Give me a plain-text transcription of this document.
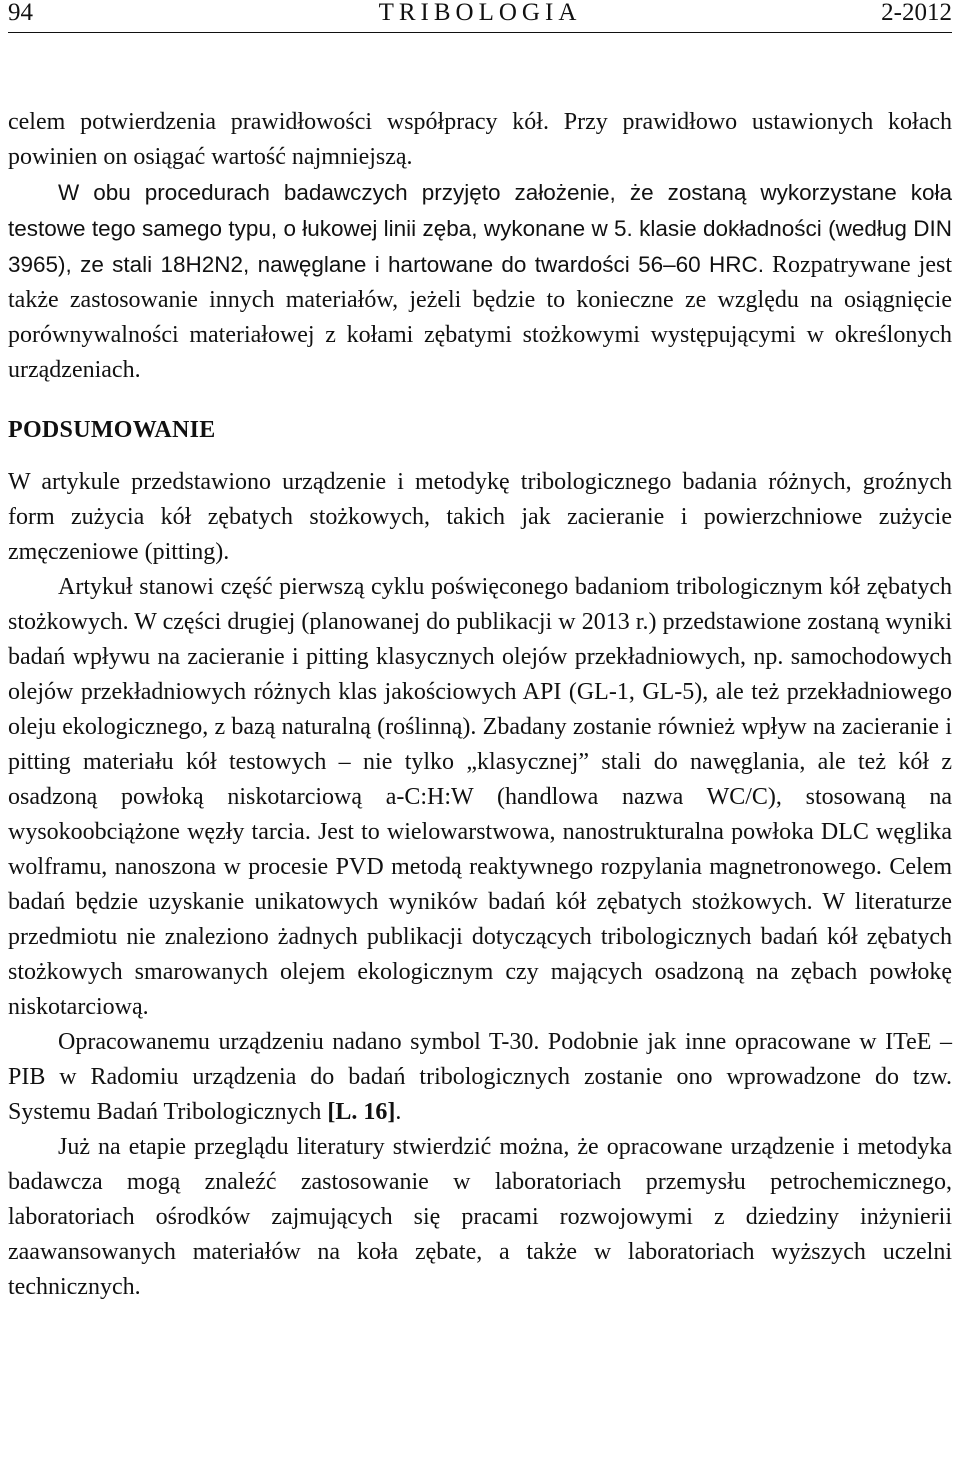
94	TRIBOLOGIA	2-2012

celem potwierdzenia prawidłowości współpracy kół. Przy prawidłowo ustawionych kołach powinien on osiągać wartość najmniejszą.

W obu procedurach badawczych przyjęto założenie, że zostaną wykorzystane koła testowe tego samego typu, o łukowej linii zęba, wykonane w 5. klasie dokładności (według DIN 3965), ze stali 18H2N2, nawęglane i hartowane do twardości 56–60 HRC. Rozpatrywane jest także zastosowanie innych materiałów, jeżeli będzie to konieczne ze względu na osiągnięcie porównywalności materiałowej z kołami zębatymi stożkowymi występującymi w określonych urządzeniach.

PODSUMOWANIE

W artykule przedstawiono urządzenie i metodykę tribologicznego badania różnych, groźnych form zużycia kół zębatych stożkowych, takich jak zacieranie i powierzchniowe zużycie zmęczeniowe (pitting).

Artykuł stanowi część pierwszą cyklu poświęconego badaniom tribologicznym kół zębatych stożkowych. W części drugiej (planowanej do publikacji w 2013 r.) przedstawione zostaną wyniki badań wpływu na zacieranie i pitting klasycznych olejów przekładniowych, np. samochodowych olejów przekładniowych różnych klas jakościowych API (GL-1, GL-5), ale też przekładniowego oleju ekologicznego, z bazą naturalną (roślinną). Zbadany zostanie również wpływ na zacieranie i pitting materiału kół testowych – nie tylko „klasycznej” stali do nawęglania, ale też kół z osadzoną powłoką niskotarciową a-C:H:W (handlowa nazwa WC/C), stosowaną na wysokoobciążone węzły tarcia. Jest to wielowarstwowa, nanostrukturalna powłoka DLC węglika wolframu, nanoszona w procesie PVD metodą reaktywnego rozpylania magnetronowego. Celem badań będzie uzyskanie unikatowych wyników badań kół zębatych stożkowych. W literaturze przedmiotu nie znaleziono żadnych publikacji dotyczących tribologicznych badań kół zębatych stożkowych smarowanych olejem ekologicznym czy mających osadzoną na zębach powłokę niskotarciową.

Opracowanemu urządzeniu nadano symbol T-30. Podobnie jak inne opracowane w ITeE – PIB w Radomiu urządzenia do badań tribologicznych zostanie ono wprowadzone do tzw. Systemu Badań Tribologicznych [L. 16].

Już na etapie przeglądu literatury stwierdzić można, że opracowane urządzenie i metodyka badawcza mogą znaleźć zastosowanie w laboratoriach przemysłu petrochemicznego, laboratoriach ośrodków zajmujących się pracami rozwojowymi z dziedziny inżynierii zaawansowanych materiałów na koła zębate, a także w laboratoriach wyższych uczelni technicznych.
